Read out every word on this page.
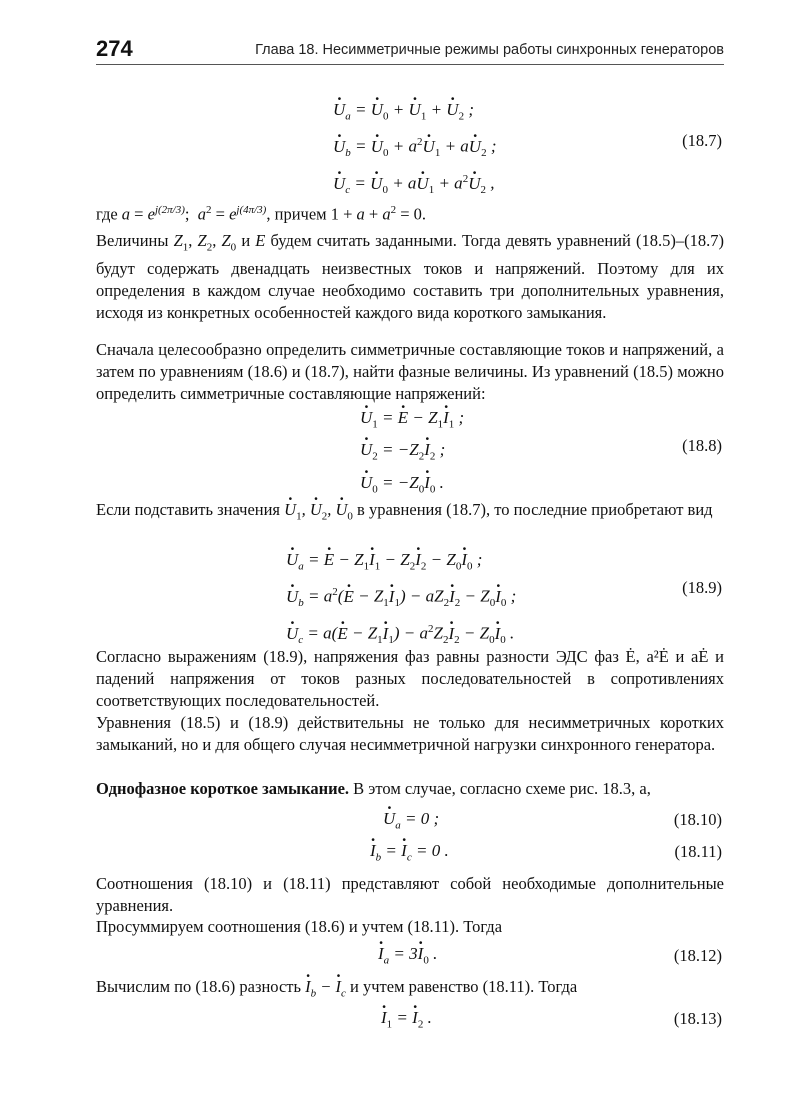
274	Глава 18. Несимметричные режимы работы синхронных генераторов
· $U_a$ = · $U_0$ + · $U_1$ + · $U_2$ ;
· $U_b$ = · $U_0 + a^2\cdot U_1 + a\cdot U_2$ ;
· $U_c$ = · $U_0 + a\cdot U_1 + a^2\cdot U_2$ ,
(18.7)
где $a = e^{j(2\pi/3)}$;  $a^2 = e^{j(4\pi/3)}$, причем $1 + a + a^2 = 0$.
Величины $Z_1$, $Z_2$, $Z_0$ и E будем считать заданными. Тогда девять уравнений (18.5)–(18.7) будут содержать двенадцать неизвестных токов и напряжений. Поэтому для их определения в каждом случае необходимо составить три дополнительных уравнения, исходя из конкретных особенностей каждого вида короткого замыкания.
Сначала целесообразно определить симметричные составляющие токов и напряжений, а затем по уравнениям (18.6) и (18.7), найти фазные величины. Из уравнений (18.5) можно определить симметричные составляющие напряжений:
· $U_1$ = · $E - Z_1\cdot I_1$ ;
· $U_2 = -Z_2\cdot I_2$ ;
· $U_0 = -Z_0\cdot I_0$ .
(18.8)
Если подставить значения · $U_1$, · $U_2$, · $U_0$ в уравнения (18.7), то последние приобретают вид
· $U_a$ = · $E - Z_1\cdot I_1 - Z_2\cdot I_2 - Z_0\cdot I_0$ ;
· $U_b = a^2(\cdot E - Z_1\cdot I_1) - aZ_2\cdot I_2 - Z_0\cdot I_0$ ;
· $U_c = a(\cdot E - Z_1\cdot I_1) - a^2Z_2\cdot I_2 - Z_0\cdot I_0$ .
(18.9)
Согласно выражениям (18.9), напряжения фаз равны разности ЭДС фаз Ė, a²Ė и aĖ и падений напряжения от токов разных последовательностей в сопротивлениях соответствующих последовательностей.
Уравнения (18.5) и (18.9) действительны не только для несимметричных коротких замыканий, но и для общего случая несимметричной нагрузки синхронного генератора.
Однофазное короткое замыкание. В этом случае, согласно схеме рис. 18.3, а,
· $U_a = 0$ ;	(18.10)
· $I_b$ = · $I_c = 0$ .	(18.11)
Соотношения (18.10) и (18.11) представляют собой необходимые дополнительные уравнения.
Просуммируем соотношения (18.6) и учтем (18.11). Тогда
· $I_a = 3\cdot I_0$ .	(18.12)
Вычислим по (18.6) разность · $I_b$ − · $I_c$ и учтем равенство (18.11). Тогда
· $I_1$ = · $I_2$ .	(18.13)
